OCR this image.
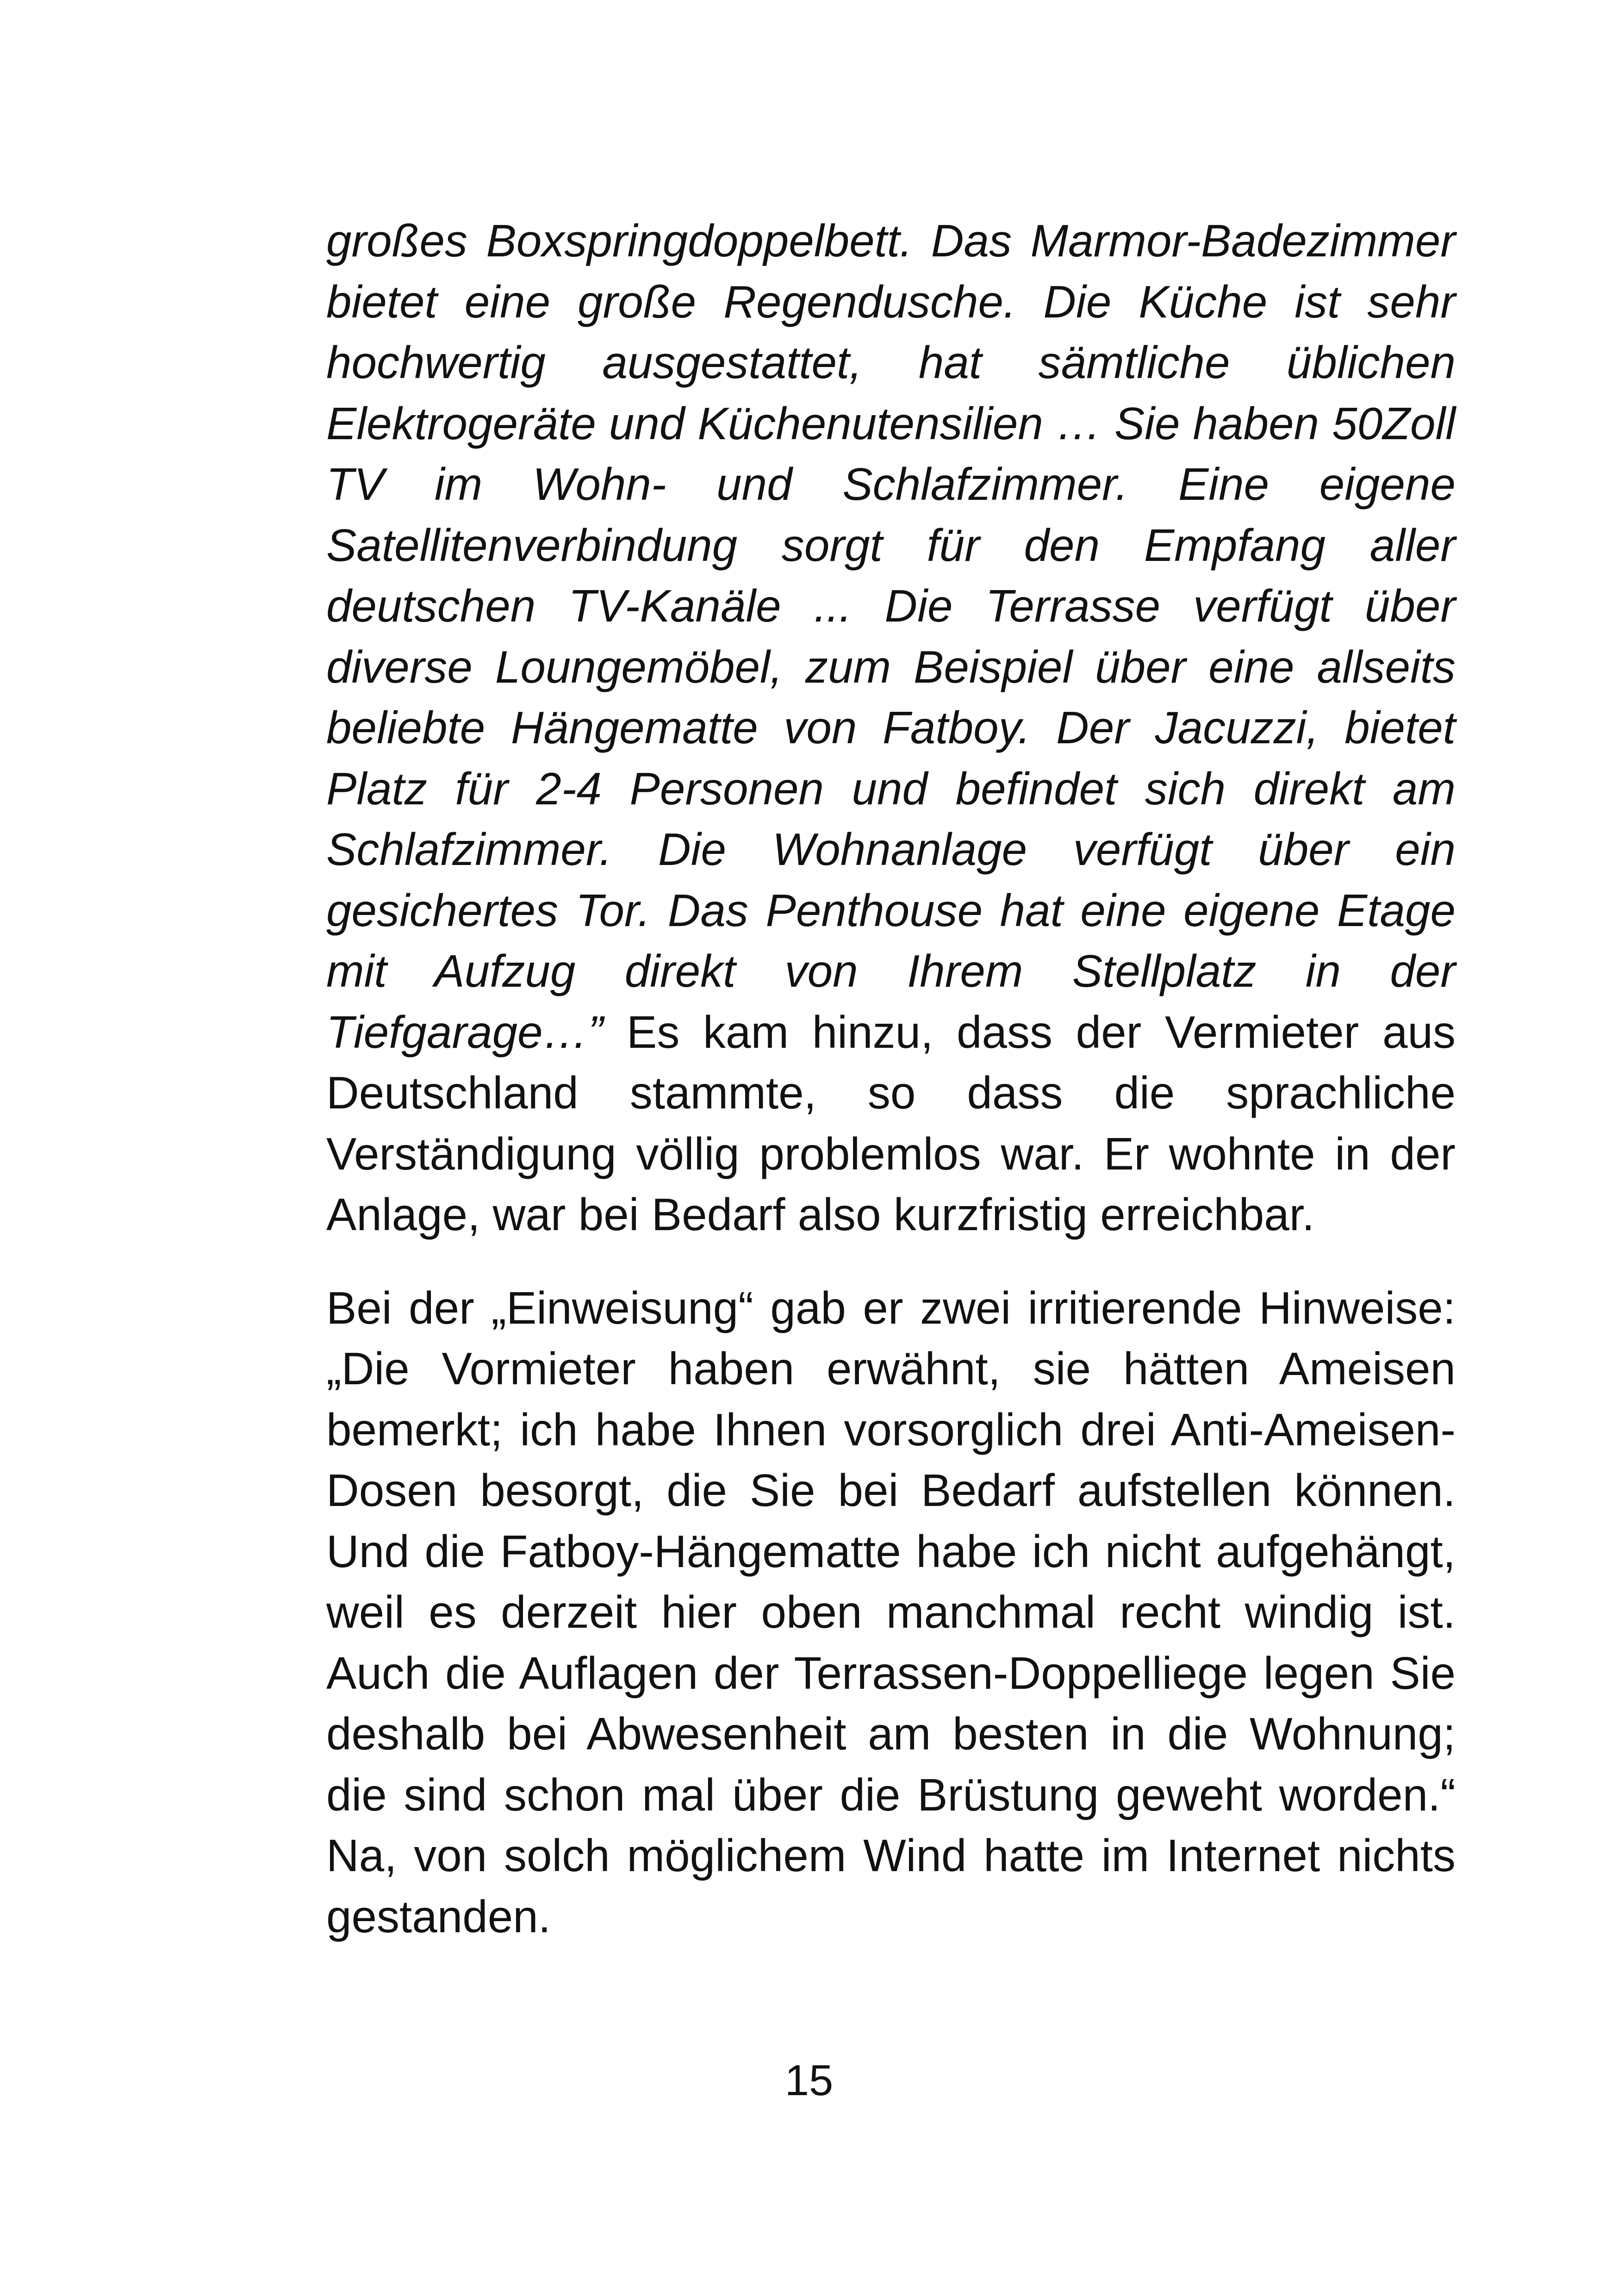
großes Boxspringdoppelbett. Das Marmor-Badezimmer bietet eine große Regendusche. Die Küche ist sehr hochwertig ausgestattet, hat sämtliche üblichen Elektrogeräte und Küchenutensilien … Sie haben 50Zoll TV im Wohn- und Schlafzimmer. Eine eigene Satellitenverbindung sorgt für den Empfang aller deutschen TV-Kanäle ... Die Terrasse verfügt über diverse Loungemöbel, zum Beispiel über eine allseits beliebte Hängematte von Fatboy. Der Jacuzzi, bietet Platz für 2-4 Personen und befindet sich direkt am Schlafzimmer. Die Wohnanlage verfügt über ein gesichertes Tor. Das Penthouse hat eine eigene Etage mit Aufzug direkt von Ihrem Stellplatz in der Tiefgarage…” Es kam hinzu, dass der Vermieter aus Deutschland stammte, so dass die sprachliche Verständigung völlig problemlos war. Er wohnte in der Anlage, war bei Bedarf also kurzfristig erreichbar.

Bei der „Einweisung“ gab er zwei irritierende Hinweise: „Die Vormieter haben erwähnt, sie hätten Ameisen bemerkt; ich habe Ihnen vorsorglich drei Anti-Ameisen-Dosen besorgt, die Sie bei Bedarf aufstellen können. Und die Fatboy-Hängematte habe ich nicht aufgehängt, weil es derzeit hier oben manchmal recht windig ist. Auch die Auflagen der Terrassen-Doppelliege legen Sie deshalb bei Abwesenheit am besten in die Wohnung; die sind schon mal über die Brüstung geweht worden.“ Na, von solch möglichem Wind hatte im Internet nichts gestanden.

15
